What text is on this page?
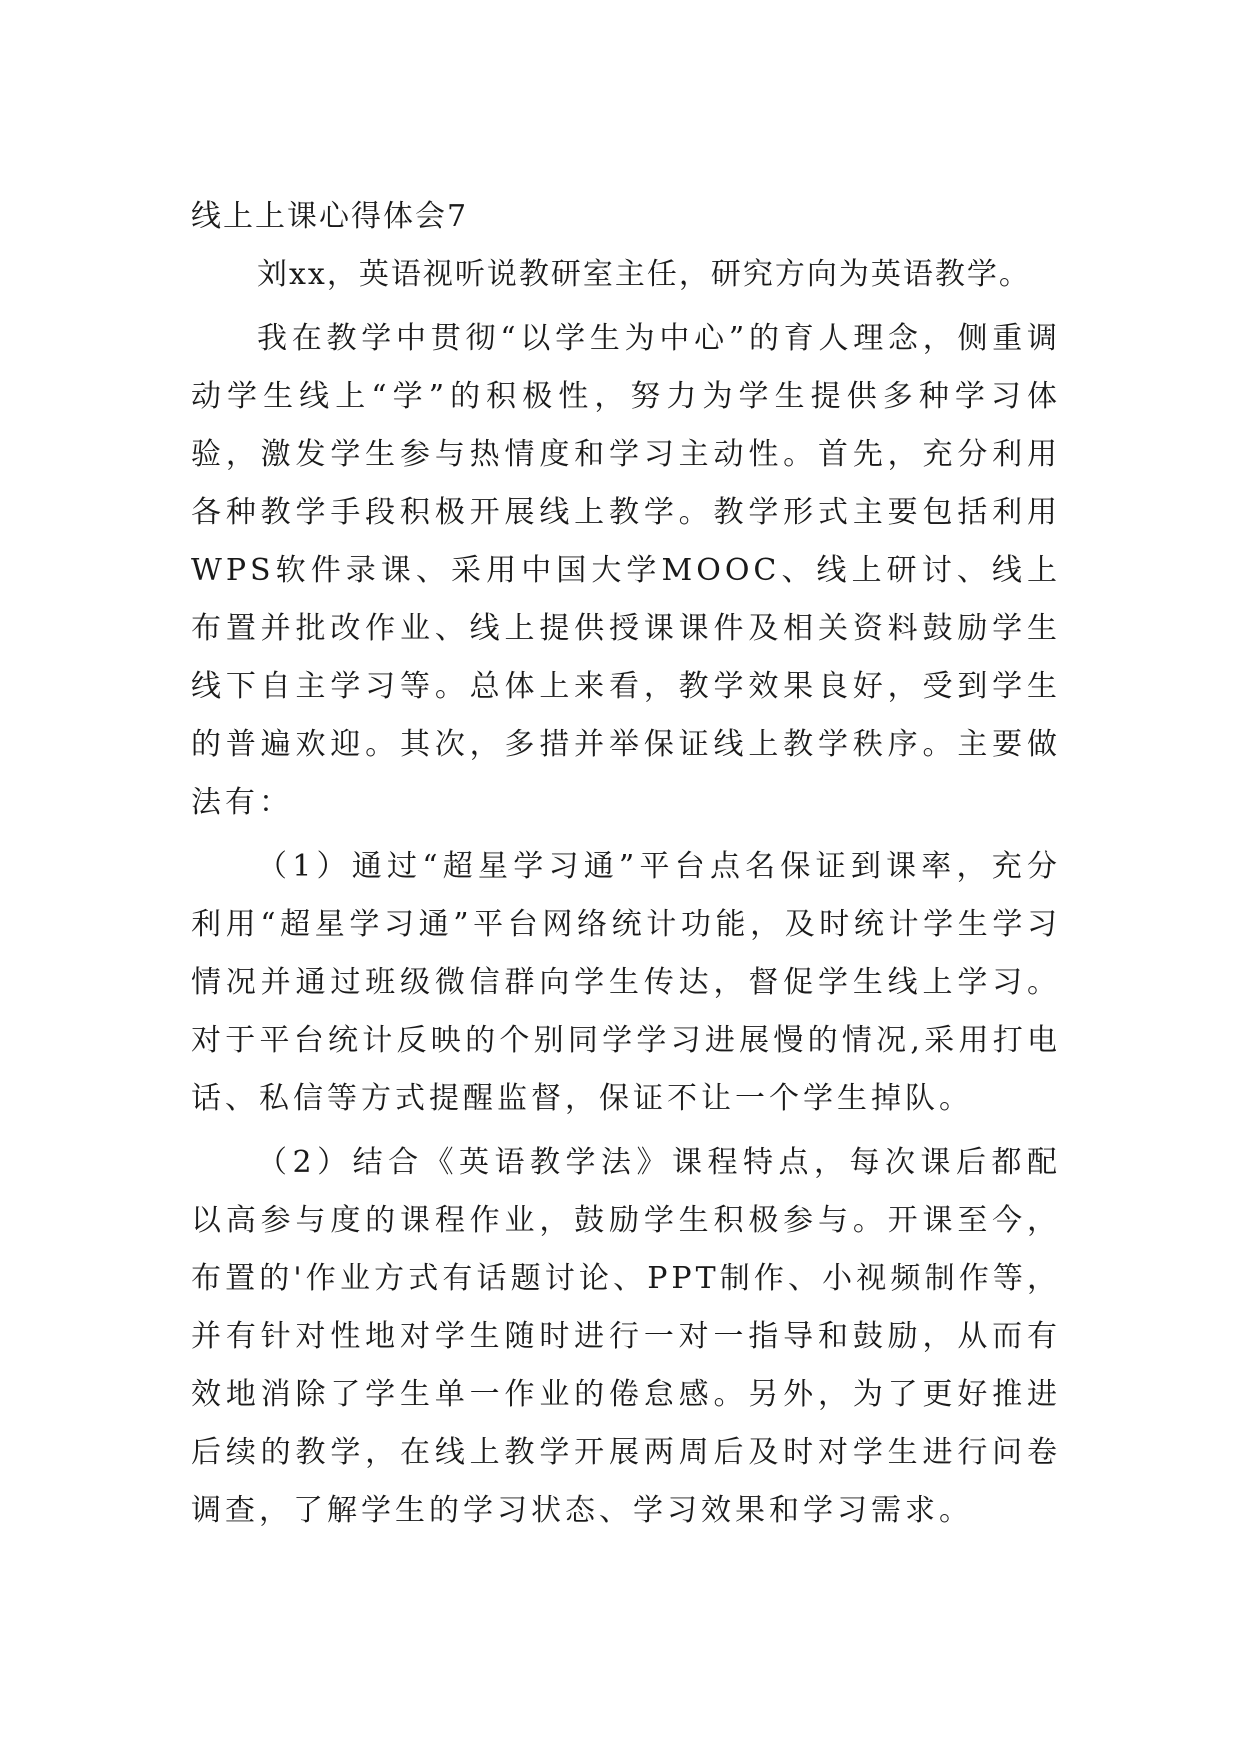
线上上课心得体会7

刘xx，英语视听说教研室主任，研究方向为英语教学。

我在教学中贯彻“以学生为中心”的育人理念，侧重调动学生线上“学”的积极性，努力为学生提供多种学习体验，激发学生参与热情度和学习主动性。首先，充分利用各种教学手段积极开展线上教学。教学形式主要包括利用WPS软件录课、采用中国大学MOOC、线上研讨、线上布置并批改作业、线上提供授课课件及相关资料鼓励学生线下自主学习等。总体上来看，教学效果良好，受到学生的普遍欢迎。其次，多措并举保证线上教学秩序。主要做法有：

（1）通过“超星学习通”平台点名保证到课率，充分利用“超星学习通”平台网络统计功能，及时统计学生学习情况并通过班级微信群向学生传达，督促学生线上学习。对于平台统计反映的个别同学学习进展慢的情况,采用打电话、私信等方式提醒监督，保证不让一个学生掉队。

（2）结合《英语教学法》课程特点，每次课后都配以高参与度的课程作业，鼓励学生积极参与。开课至今，布置的'作业方式有话题讨论、PPT制作、小视频制作等，并有针对性地对学生随时进行一对一指导和鼓励，从而有效地消除了学生单一作业的倦怠感。另外，为了更好推进后续的教学，在线上教学开展两周后及时对学生进行问卷调查，了解学生的学习状态、学习效果和学习需求。
